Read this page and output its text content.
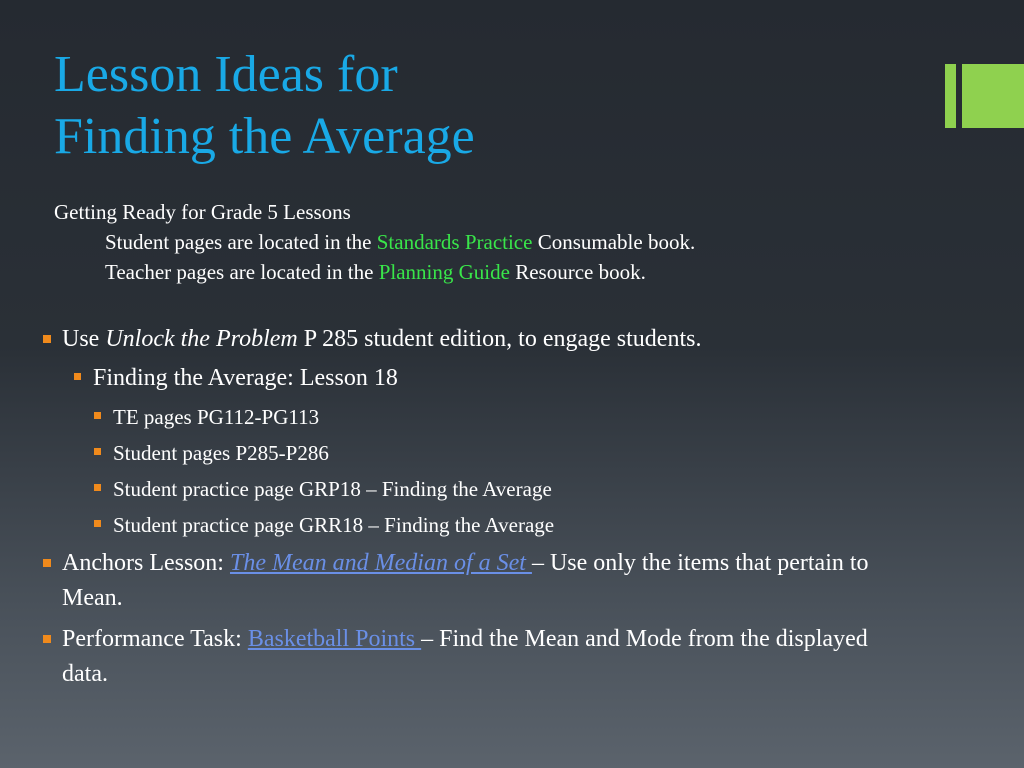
Lesson Ideas for
Finding the Average
Getting Ready for Grade 5 Lessons
Student pages are located in the Standards Practice Consumable book.
Teacher pages are located in the Planning Guide Resource book.
Use Unlock the Problem P 285 student edition, to engage students.
Finding the Average: Lesson 18
TE pages PG112-PG113
Student pages P285-P286
Student practice page GRP18 – Finding the Average
Student practice page GRR18 – Finding the Average
Anchors Lesson: The Mean and Median of a Set – Use only the items that pertain to Mean.
Performance Task: Basketball Points – Find the Mean and Mode from the displayed data.
